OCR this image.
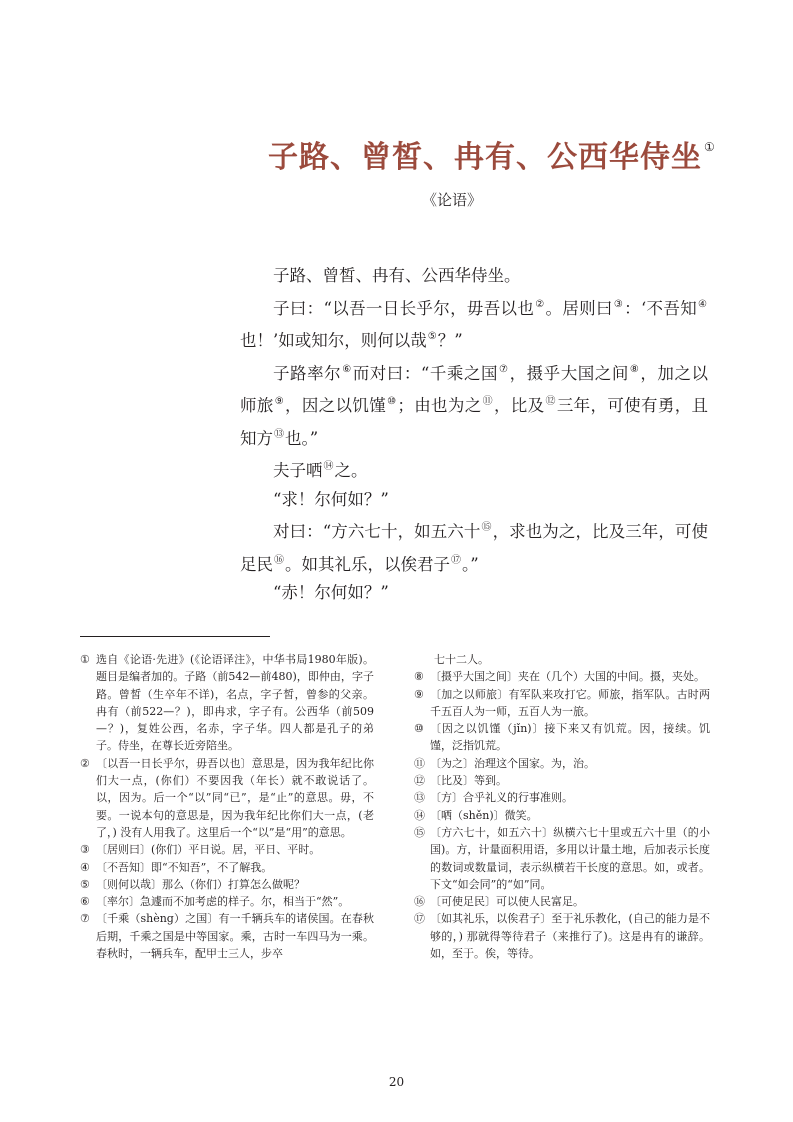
子路、曾皙、冉有、公西华侍坐 ①
《论语》

子路、曾皙、冉有、公西华侍坐。

子曰：“以吾一日长乎尔，毋吾以也②。居则曰③：‘不吾知④也！’如或知尔，则何以哉⑤？”

子路率尔⑥而对曰：“千乘之国⑦，摄乎大国之间⑧，加之以师旅⑨，因之以饥馑⑩；由也为之⑪，比及⑫三年，可使有勇，且知方⑬也。”

夫子哂⑭之。

“求！尔何如？”

对曰：“方六七十，如五六十⑮，求也为之，比及三年，可使足民⑯。如其礼乐，以俟君子⑰。”

“赤！尔何如？”

① 选自《论语·先进》(《论语译注》，中华书局1980年版)。题目是编者加的。子路（前542—前480)，即仲由，字子路。曾皙（生卒年不详)，名点，字子皙，曾参的父亲。冉有（前522—？)，即冉求，字子有。公西华（前509—？)，复姓公西，名赤，字子华。四人都是孔子的弟子。侍坐，在尊长近旁陪坐。
② 〔以吾一日长乎尔，毋吾以也〕意思是，因为我年纪比你们大一点，(你们）不要因我（年长）就不敢说话了。以，因为。后一个“以”同“已”，是“止”的意思。毋，不要。一说本句的意思是，因为我年纪比你们大一点，(老了，) 没有人用我了。这里后一个“以”是“用”的意思。
③ 〔居则曰〕(你们）平日说。居，平日、平时。
④ 〔不吾知〕即“不知吾”，不了解我。
⑤ 〔则何以哉〕那么（你们）打算怎么做呢？
⑥ 〔率尔〕急遽而不加考虑的样子。尔，相当于“然”。
⑦ 〔千乘（shèng）之国〕有一千辆兵车的诸侯国。在春秋后期，千乘之国是中等国家。乘，古时一车四马为一乘。春秋时，一辆兵车，配甲士三人，步卒

七十二人。

⑧ 〔摄乎大国之间〕夹在（几个）大国的中间。摄，夹处。
⑨ 〔加之以师旅〕有军队来攻打它。师旅，指军队。古时两千五百人为一师，五百人为一旅。
⑩ 〔因之以饥馑（jǐn)〕接下来又有饥荒。因，接续。饥馑，泛指饥荒。
⑪ 〔为之〕治理这个国家。为，治。
⑫ 〔比及〕等到。
⑬ 〔方〕合乎礼义的行事准则。
⑭ 〔哂（shěn)〕微笑。
⑮ 〔方六七十，如五六十〕纵横六七十里或五六十里（的小国)。方，计量面积用语，多用以计量土地，后加表示长度的数词或数量词，表示纵横若干长度的意思。如，或者。下文“如会同”的“如”同。
⑯ 〔可使足民〕可以使人民富足。
⑰ 〔如其礼乐，以俟君子〕至于礼乐教化，(自己的能力是不够的，) 那就得等待君子（来推行了)。这是冉有的谦辞。如，至于。俟，等待。
20
